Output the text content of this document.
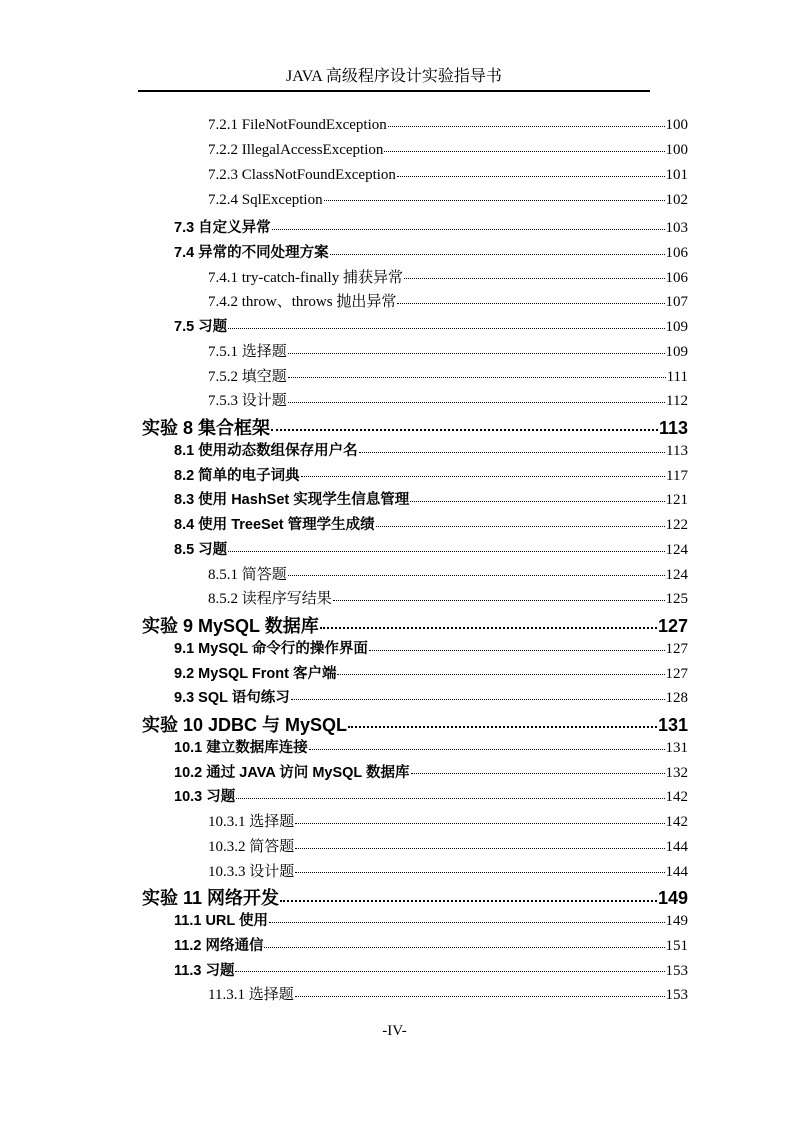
JAVA 高级程序设计实验指导书
7.2.1 FileNotFoundException	100
7.2.2 IllegalAccessException	100
7.2.3 ClassNotFoundException	101
7.2.4 SqlException	102
7.3 自定义异常	103
7.4 异常的不同处理方案	106
7.4.1 try-catch-finally 捕获异常	106
7.4.2 throw、throws 抛出异常	107
7.5 习题	109
7.5.1 选择题	109
7.5.2 填空题	111
7.5.3 设计题	112
实验 8 集合框架	113
8.1 使用动态数组保存用户名	113
8.2 简单的电子词典	117
8.3 使用 HashSet 实现学生信息管理	121
8.4 使用 TreeSet 管理学生成绩	122
8.5 习题	124
8.5.1 简答题	124
8.5.2 读程序写结果	125
实验 9 MySQL 数据库	127
9.1 MySQL 命令行的操作界面	127
9.2 MySQL Front 客户端	127
9.3 SQL 语句练习	128
实验 10 JDBC 与 MySQL	131
10.1 建立数据库连接	131
10.2 通过 JAVA 访问 MySQL 数据库	132
10.3 习题	142
10.3.1 选择题	142
10.3.2 简答题	144
10.3.3 设计题	144
实验 11 网络开发	149
11.1 URL 使用	149
11.2 网络通信	151
11.3 习题	153
11.3.1 选择题	153
-IV-
